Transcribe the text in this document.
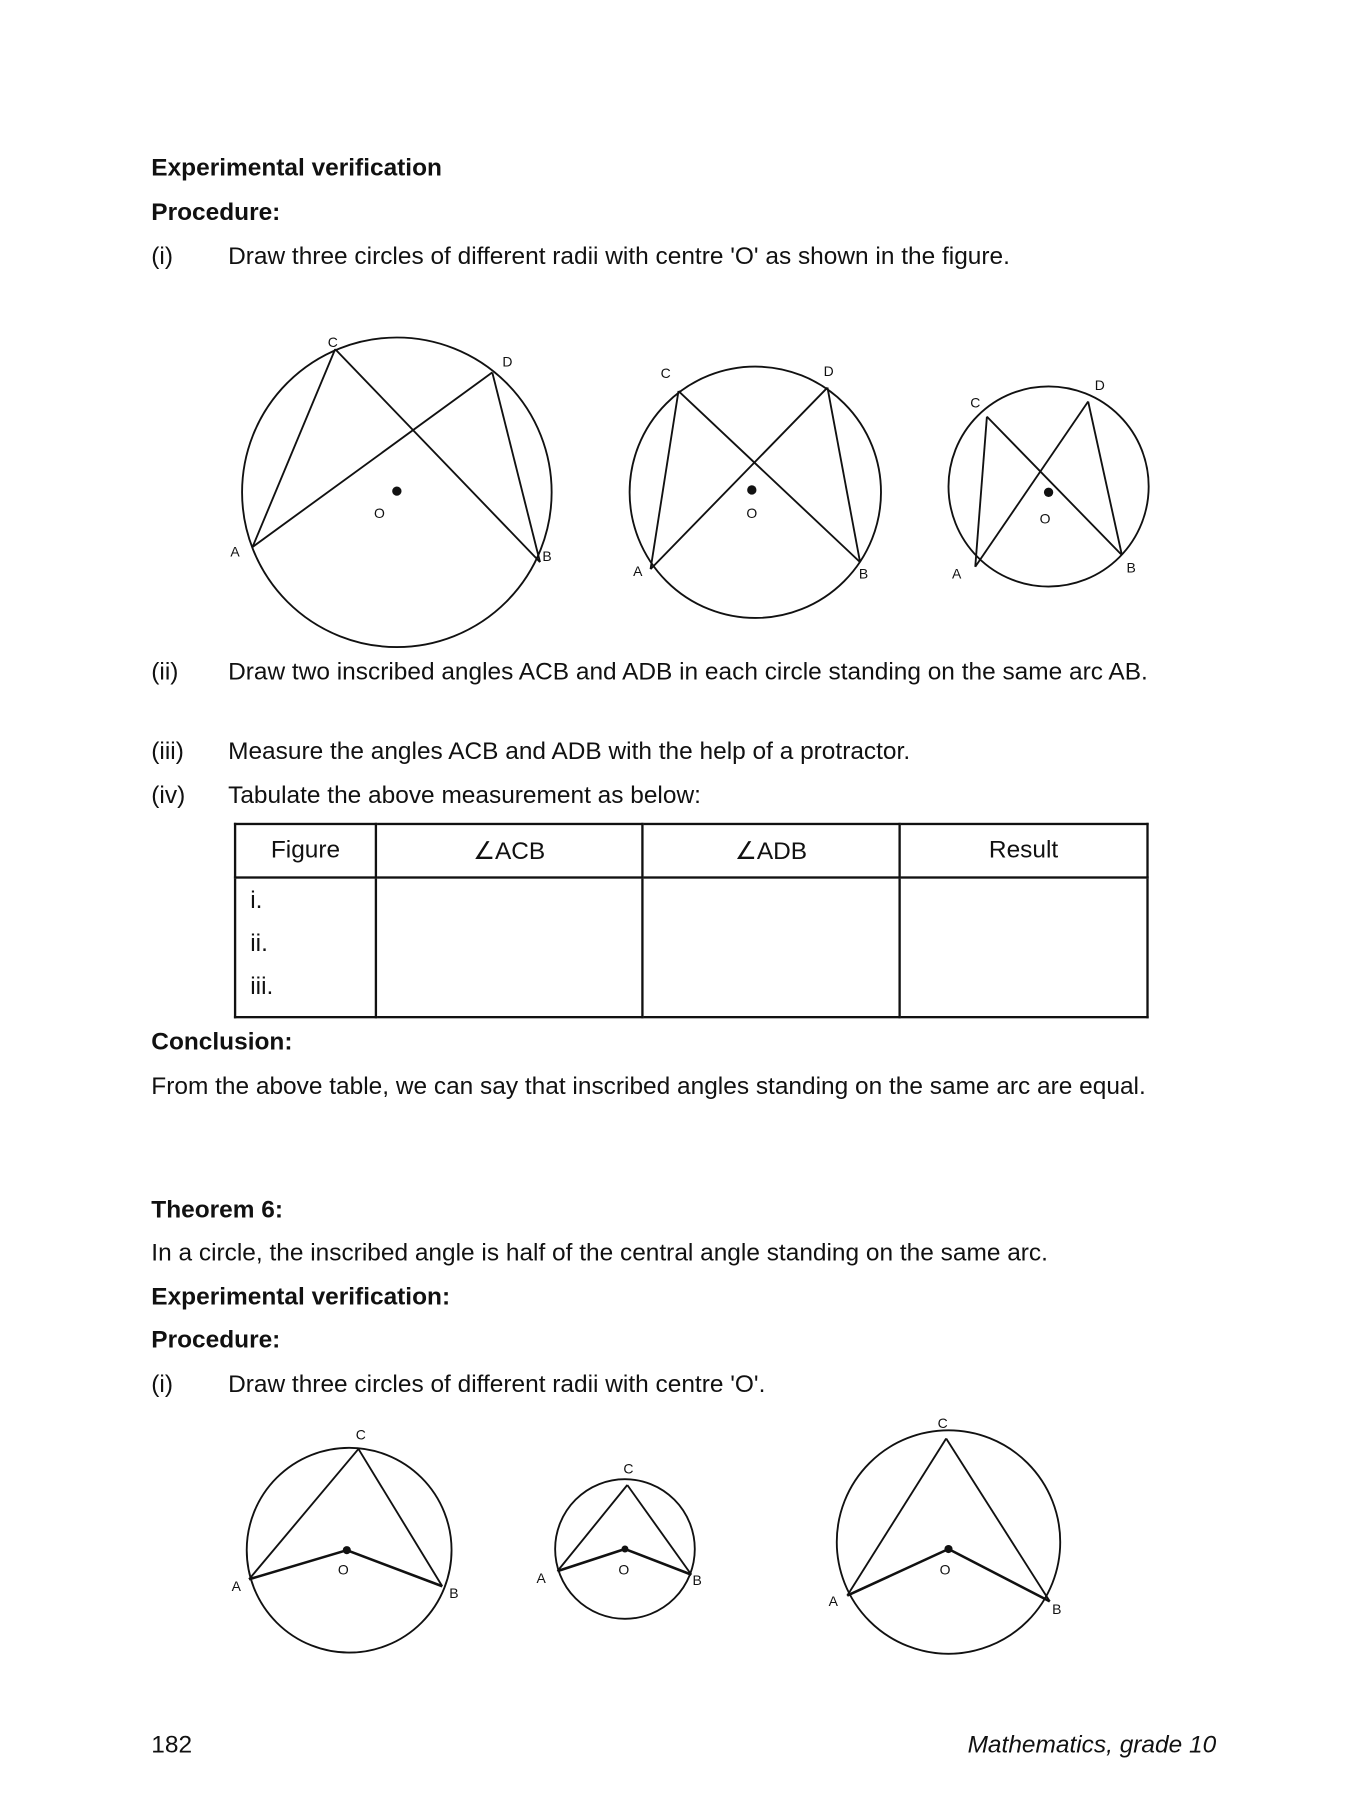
Experimental verification
Procedure:
(i)	Draw three circles of different radii with centre 'O' as shown in the figure.
C
D
A	B
O
C	D
A	B
O
C
D
A	B
O
C
A	B
O
C
A	B
O
C
A
B
O
(ii) Draw two inscribed angles ACB and ADB in each circle standing on the same arc AB.
(iii) Measure the angles ACB and ADB with the help of a protractor.
(iv) Tabulate the above measurement as below:
Figure	∠ACB	∠ADB	Result

i.
ii.
iii.			

Conclusion:
From the above table, we can say that inscribed angles standing on the same arc are equal.
Theorem 6:
In a circle, the inscribed angle is half of the central angle standing on the same arc.
Experimental verification:
Procedure:
(i)	Draw three circles of different radii with centre 'O'.
182	Mathematics, grade 10
